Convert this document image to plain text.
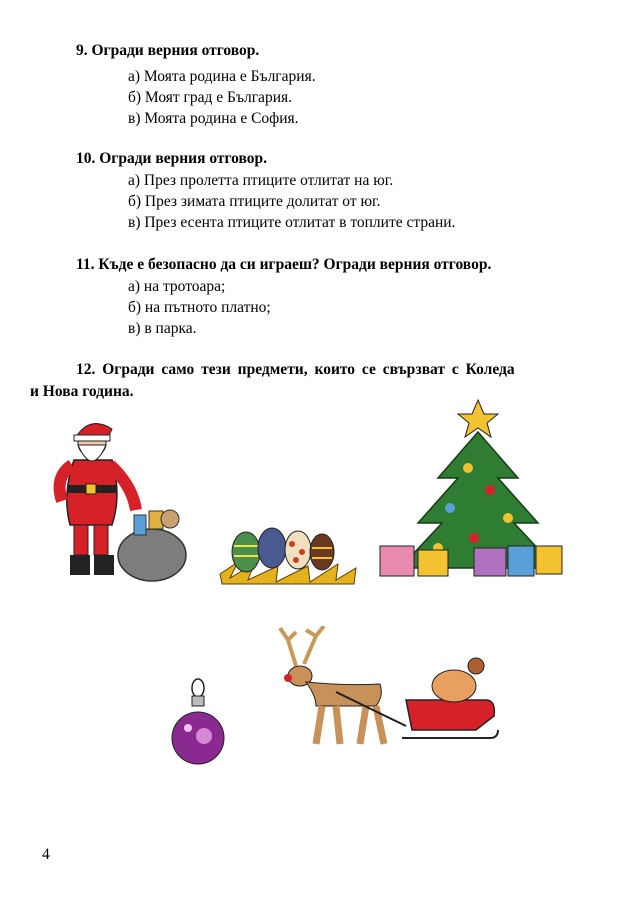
9. Огради верния отговор.
а) Моята родина е България.
б) Моят град е България.
в) Моята родина е София.
10. Огради верния отговор.
а) През пролетта птиците отлитат на юг.
б) През зимата птиците долитат от юг.
в) През есента птиците отлитат в топлите страни.
11. Къде е безопасно да си играеш? Огради верния отговор.
а) на тротоара;
б) на пътното платно;
в) в парка.
12. Огради само тези предмети, които се свързват с Коледа
и Нова година.
4
